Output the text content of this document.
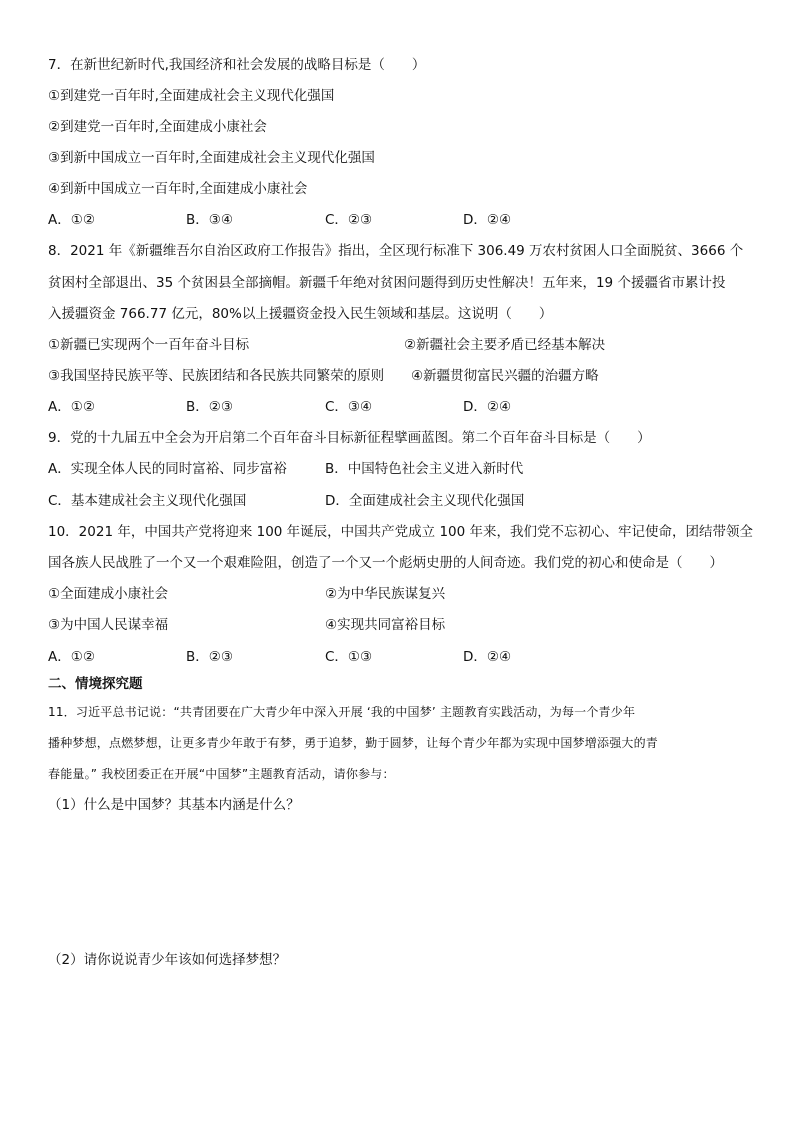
7．在新世纪新时代,我国经济和社会发展的战略目标是（　　）
①到建党一百年时,全面建成社会主义现代化强国
②到建党一百年时,全面建成小康社会
③到新中国成立一百年时,全面建成社会主义现代化强国
④到新中国成立一百年时,全面建成小康社会
A．①②	B．③④	C．②③	D．②④
8．2021 年《新疆维吾尔自治区政府工作报告》指出，全区现行标准下 306.49 万农村贫困人口全面脱贫、3666 个
贫困村全部退出、35 个贫困县全部摘帽。新疆千年绝对贫困问题得到历史性解决！五年来，19 个援疆省市累计投
入援疆资金 766.77 亿元，80%以上援疆资金投入民生领域和基层。这说明（　　）
①新疆已实现两个一百年奋斗目标	②新疆社会主要矛盾已经基本解决
③我国坚持民族平等、民族团结和各民族共同繁荣的原则 ④新疆贯彻富民兴疆的治疆方略
A．①②	B．②③	C．③④	D．②④
9．党的十九届五中全会为开启第二个百年奋斗目标新征程擘画蓝图。第二个百年奋斗目标是（　　）
A．实现全体人民的同时富裕、同步富裕	B．中国特色社会主义进入新时代
C．基本建成社会主义现代化强国	D．全面建成社会主义现代化强国
10．2021 年，中国共产党将迎来 100 年诞辰，中国共产党成立 100 年来，我们党不忘初心、牢记使命，团结带领全
国各族人民战胜了一个又一个艰难险阻，创造了一个又一个彪炳史册的人间奇迹。我们党的初心和使命是（　　）
①全面建成小康社会	②为中华民族谋复兴
③为中国人民谋幸福	④实现共同富裕目标
A．①②	B．②③	C．①③	D．②④
二、情境探究题
11．习近平总书记说：“共青团要在广大青少年中深入开展 ‘我的中国梦’ 主题教育实践活动，为每一个青少年
播种梦想，点燃梦想，让更多青少年敢于有梦，勇于追梦，勤于圆梦，让每个青少年都为实现中国梦增添强大的青
春能量。” 我校团委正在开展“中国梦”主题教育活动，请你参与：
（1）什么是中国梦？其基本内涵是什么？
（2）请你说说青少年该如何选择梦想？
